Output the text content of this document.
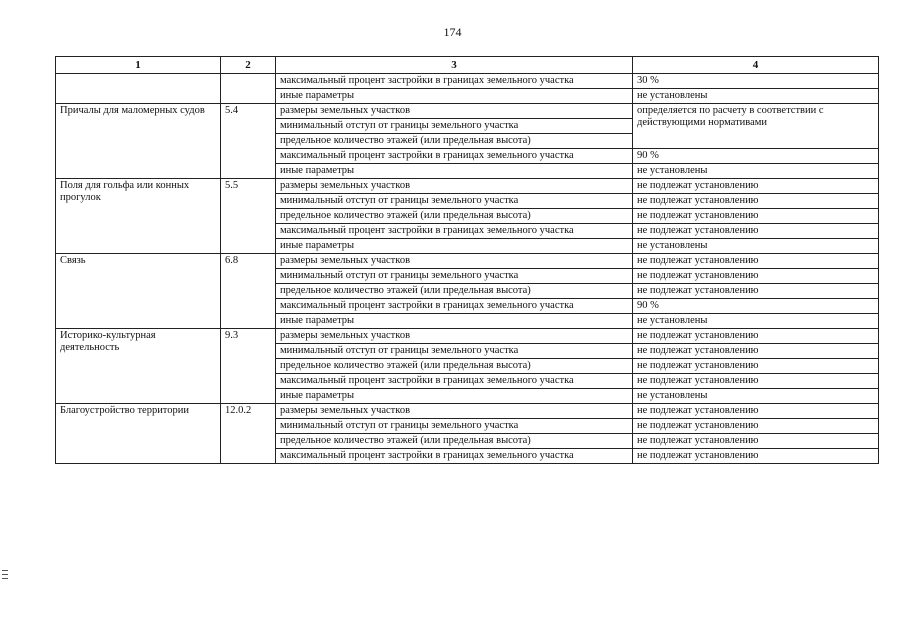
174
1	2	3	4
		максимальный процент застройки в границах земельного участка	30 %
		иные параметры	не установлены
Причалы для маломерных судов	5.4	размеры земельных участков	определяется по расчету в соответствии с действующими нормативами
		минимальный отступ от границы земельного участка	
		предельное количество этажей (или предельная высота)	
		максимальный процент застройки в границах земельного участка	90 %
		иные параметры	не установлены
Поля для гольфа или конных прогулок	5.5	размеры земельных участков	не подлежат установлению
		минимальный отступ от границы земельного участка	не подлежат установлению
		предельное количество этажей (или предельная высота)	не подлежат установлению
		максимальный процент застройки в границах земельного участка	не подлежат установлению
		иные параметры	не установлены
Связь	6.8	размеры земельных участков	не подлежат установлению
		минимальный отступ от границы земельного участка	не подлежат установлению
		предельное количество этажей (или предельная высота)	не подлежат установлению
		максимальный процент застройки в границах земельного участка	90 %
		иные параметры	не установлены
Историко-культурная деятельность	9.3	размеры земельных участков	не подлежат установлению
		минимальный отступ от границы земельного участка	не подлежат установлению
		предельное количество этажей (или предельная высота)	не подлежат установлению
		максимальный процент застройки в границах земельного участка	не подлежат установлению
		иные параметры	не установлены
Благоустройство территории	12.0.2	размеры земельных участков	не подлежат установлению
		минимальный отступ от границы земельного участка	не подлежат установлению
		предельное количество этажей (или предельная высота)	не подлежат установлению
		максимальный процент застройки в границах земельного участка	не подлежат установлению
